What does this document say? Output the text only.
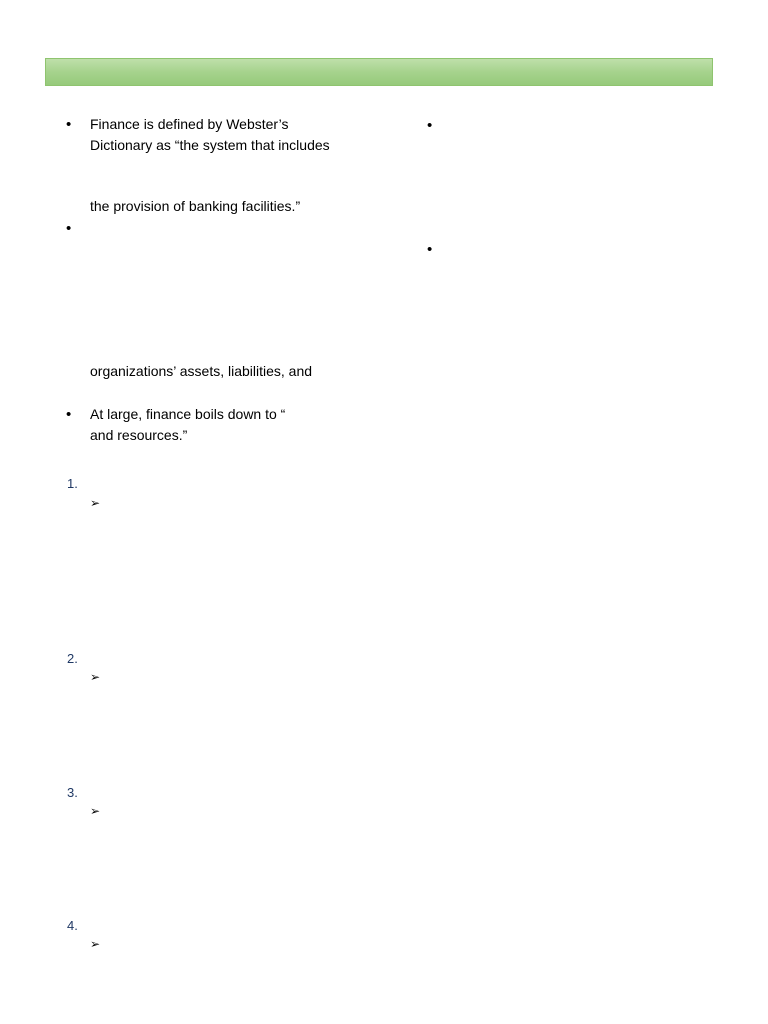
• Finance is defined by Webster’s
Dictionary as “the system that includes
the provision of banking facilities.”
•
organizations’ assets, liabilities, and
• At large, finance boils down to “
and resources.”
•
•
1.
➢
2.
➢
3.
➢
4.
➢
